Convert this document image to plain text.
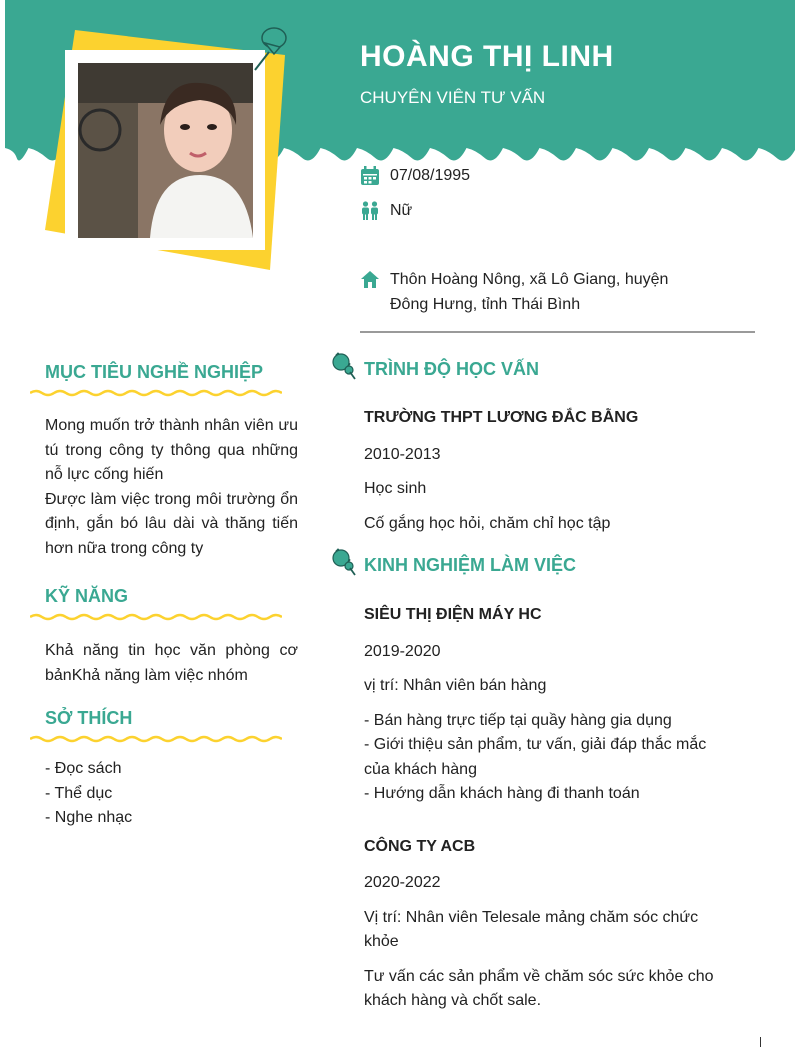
HOÀNG THỊ LINH
CHUYÊN VIÊN TƯ VẤN
07/08/1995
Nữ
Thôn Hoàng Nông, xã Lô Giang, huyện Đông Hưng, tỉnh Thái Bình
MỤC TIÊU NGHỀ NGHIỆP

Mong muốn trở thành nhân viên ưu tú trong công ty thông qua những nỗ lực cống hiến

Được làm việc trong môi trường ổn định, gắn bó lâu dài và thăng tiến hơn nữa trong công ty

KỸ NĂNG
Khả năng tin học văn phòng cơ bảnKhả năng làm việc nhóm
SỞ THÍCH

- Đọc sách

- Thể dục

- Nghe nhạc

TRÌNH ĐỘ HỌC VẤN

TRƯỜNG THPT LƯƠNG ĐẮC BẰNG

2010-2013

Học sinh

Cố gắng học hỏi, chăm chỉ học tập

KINH NGHIỆM LÀM VIỆC

SIÊU THỊ ĐIỆN MÁY HC

2019-2020

vị trí: Nhân viên bán hàng

- Bán hàng trực tiếp tại quầy hàng gia dụng

- Giới thiệu sản phẩm, tư vấn, giải đáp thắc mắc của khách hàng

- Hướng dẫn khách hàng đi thanh toán

CÔNG TY ACB

2020-2022

Vị trí: Nhân viên Telesale mảng chăm sóc chức khỏe

Tư vấn các sản phẩm về chăm sóc sức khỏe cho khách hàng và chốt sale.
